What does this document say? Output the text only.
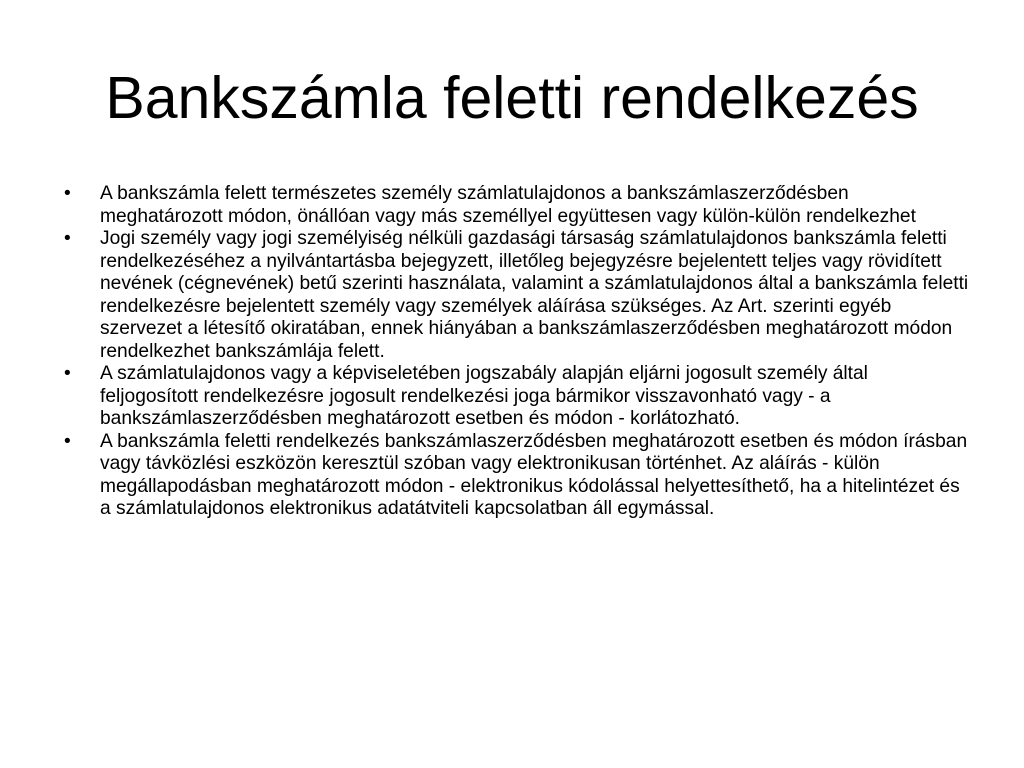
Bankszámla feletti rendelkezés
•	A bankszámla felett természetes személy számlatulajdonos a bankszámlaszerződésben meghatározott módon, önállóan vagy más személlyel együttesen vagy külön-külön rendelkezhet
•	Jogi személy vagy jogi személyiség nélküli gazdasági társaság számlatulajdonos bankszámla feletti rendelkezéséhez a nyilvántartásba bejegyzett, illetőleg bejegyzésre bejelentett teljes vagy rövidített nevének (cégnevének) betű szerinti használata, valamint a számlatulajdonos által a bankszámla feletti rendelkezésre bejelentett személy vagy személyek aláírása szükséges. Az Art. szerinti egyéb szervezet a létesítő okiratában, ennek hiányában a bankszámlaszerződésben meghatározott módon rendelkezhet bankszámlája felett.
•	A számlatulajdonos vagy a képviseletében jogszabály alapján eljárni jogosult személy által feljogosított rendelkezésre jogosult rendelkezési joga bármikor visszavonható vagy - a bankszámlaszerződésben meghatározott esetben és módon - korlátozható.
•	A bankszámla feletti rendelkezés bankszámlaszerződésben meghatározott esetben és módon írásban vagy távközlési eszközön keresztül szóban vagy elektronikusan történhet. Az aláírás - külön megállapodásban meghatározott módon - elektronikus kódolással helyettesíthető, ha a hitelintézet és a számlatulajdonos elektronikus adatátviteli kapcsolatban áll egymással.
